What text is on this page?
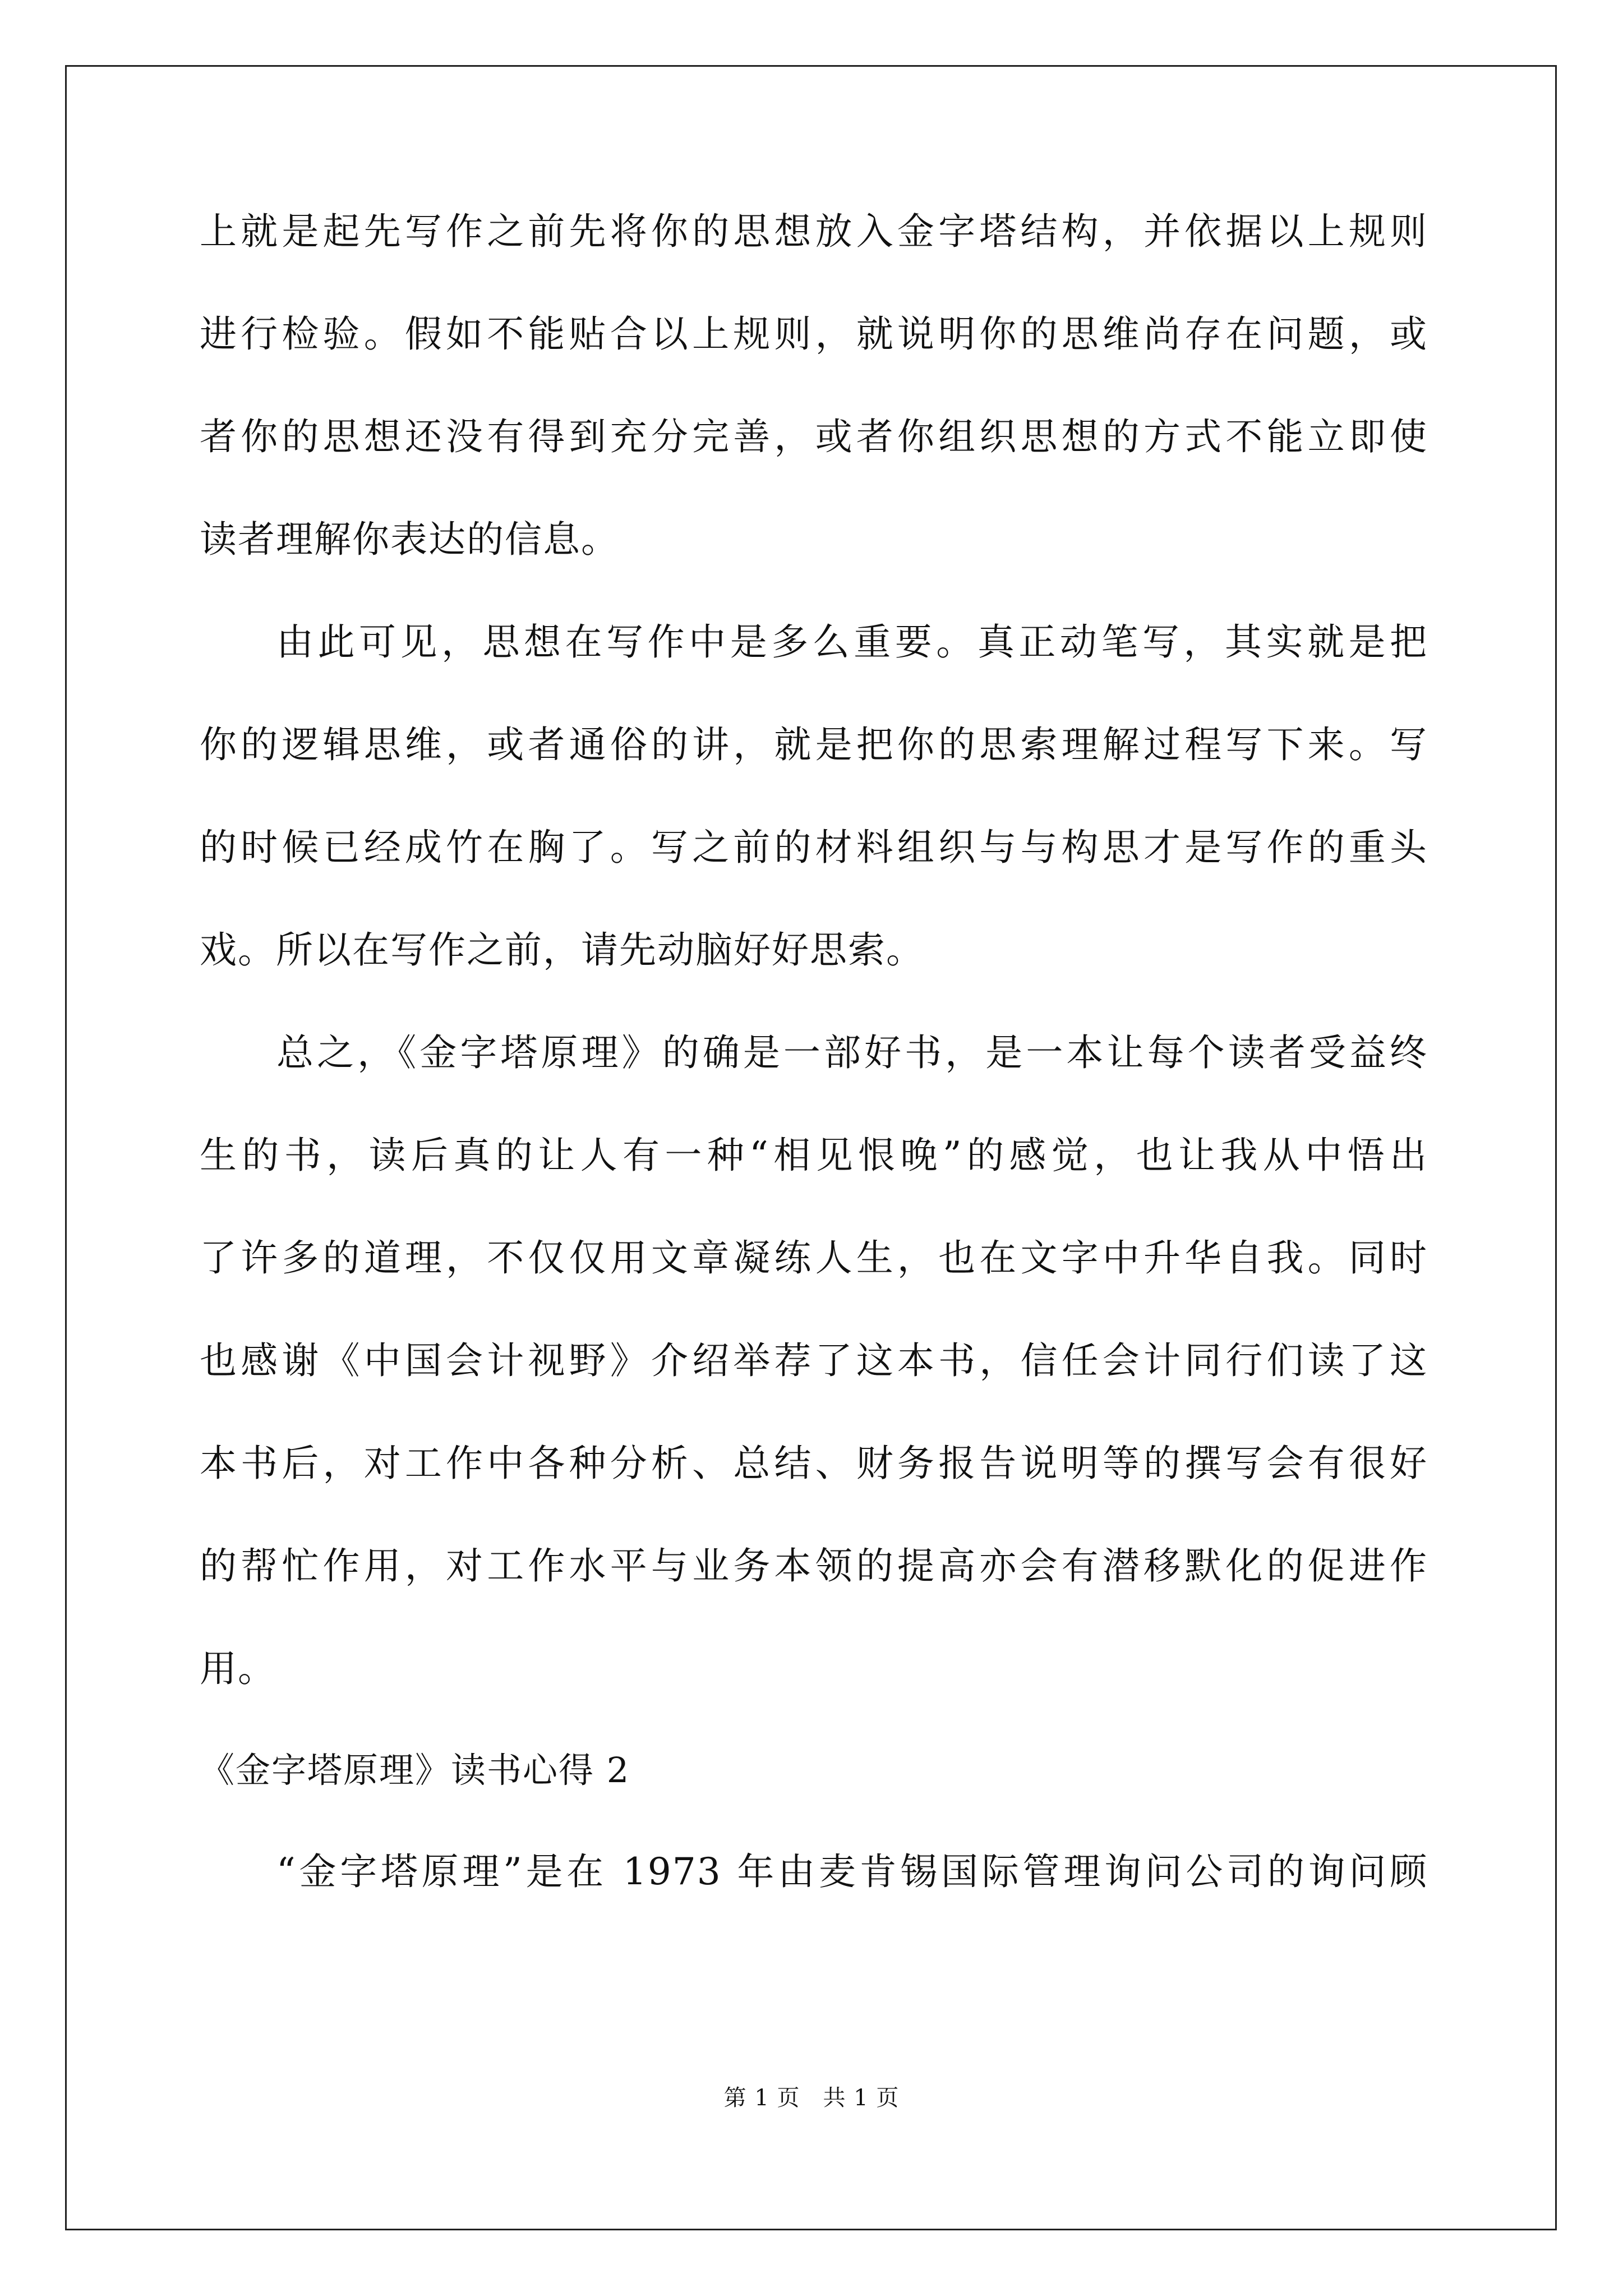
上就是起先写作之前先将你的思想放入金字塔结构，并依据以上规则
进行检验。假如不能贴合以上规则，就说明你的思维尚存在问题，或
者你的思想还没有得到充分完善，或者你组织思想的方式不能立即使
读者理解你表达的信息。
由此可见，思想在写作中是多么重要。真正动笔写，其实就是把
你的逻辑思维，或者通俗的讲，就是把你的思索理解过程写下来。写
的时候已经成竹在胸了。写之前的材料组织与与构思才是写作的重头
戏。所以在写作之前，请先动脑好好思索。
总之，《金字塔原理》的确是一部好书，是一本让每个读者受益终
生的书，读后真的让人有一种“相见恨晚”的感觉，也让我从中悟出
了许多的道理，不仅仅用文章凝练人生，也在文字中升华自我。同时
也感谢《中国会计视野》介绍举荐了这本书，信任会计同行们读了这
本书后，对工作中各种分析、总结、财务报告说明等的撰写会有很好
的帮忙作用，对工作水平与业务本领的提高亦会有潜移默化的促进作
用。
《金字塔原理》读书心得 2
“金字塔原理”是在 1973 年由麦肯锡国际管理询问公司的询问顾
第 1 页　共 1 页
